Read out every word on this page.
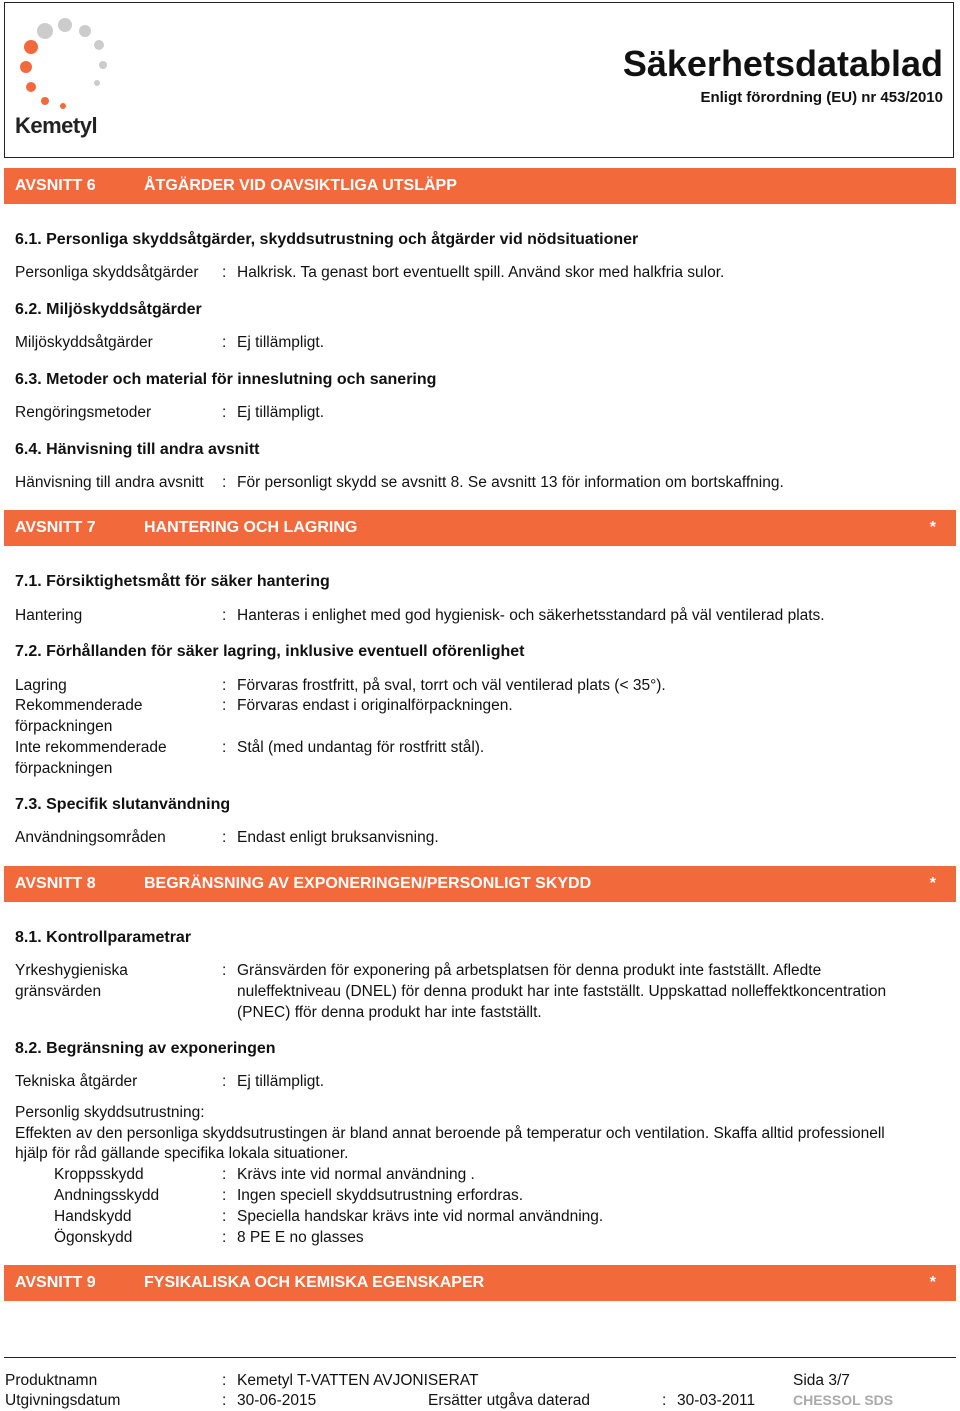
Kemetyl
Säkerhetsdatablad
Enligt förordning (EU) nr 453/2010
AVSNITT 6	ÅTGÄRDER VID OAVSIKTLIGA UTSLÄPP
6.1. Personliga skyddsåtgärder, skyddsutrustning och åtgärder vid nödsituationer
Personliga skyddsåtgärder : Halkrisk. Ta genast bort eventuellt spill. Använd skor med halkfria sulor.
6.2. Miljöskyddsåtgärder
Miljöskyddsåtgärder	: Ej tillämpligt.
6.3. Metoder och material för inneslutning och sanering
Rengöringsmetoder	: Ej tillämpligt.
6.4. Hänvisning till andra avsnitt
Hänvisning till andra avsnitt : För personligt skydd se avsnitt 8. Se avsnitt 13 för information om bortskaffning.
AVSNITT 7	HANTERING OCH LAGRING	*
7.1. Försiktighetsmått för säker hantering
Hantering	: Hanteras i enlighet med god hygienisk- och säkerhetsstandard på väl ventilerad plats.
7.2. Förhållanden för säker lagring, inklusive eventuell oförenlighet
Lagring	: Förvaras frostfritt, på sval, torrt och väl ventilerad plats (< 35°).
Rekommenderade
förpackningen
: Förvaras endast i originalförpackningen.
Inte rekommenderade
förpackningen
: Stål (med undantag för rostfritt stål).
7.3. Specifik slutanvändning
Användningsområden	: Endast enligt bruksanvisning.
AVSNITT 8	BEGRÄNSNING AV EXPONERINGEN/PERSONLIGT SKYDD	*
8.1. Kontrollparametrar
Yrkeshygieniska
gränsvärden
: Gränsvärden för exponering på arbetsplatsen för denna produkt inte fastställt. Afledte
nuleffektniveau (DNEL) för denna produkt har inte fastställt. Uppskattad nolleffektkoncentration
(PNEC) fför denna produkt har inte fastställt.
8.2. Begränsning av exponeringen
Tekniska åtgärder	: Ej tillämpligt.
Personlig skyddsutrustning:
Effekten av den personliga skyddsutrustingen är bland annat beroende på temperatur och ventilation. Skaffa alltid professionell
hjälp för råd gällande specifika lokala situationer.
Kroppsskydd	: Krävs inte vid normal användning .
Andningsskydd	: Ingen speciell skyddsutrustning erfordras.
Handskydd	: Speciella handskar krävs inte vid normal användning.
Ögonskydd	: 8 PE E no glasses
AVSNITT 9	FYSIKALISKA OCH KEMISKA EGENSKAPER	*
Produktnamn	: Kemetyl T-VATTEN AVJONISERAT	Sida 3/7
Utgivningsdatum	: 30-06-2015	Ersätter utgåva daterad	: 30-03-2011	CHESSOL SDS
